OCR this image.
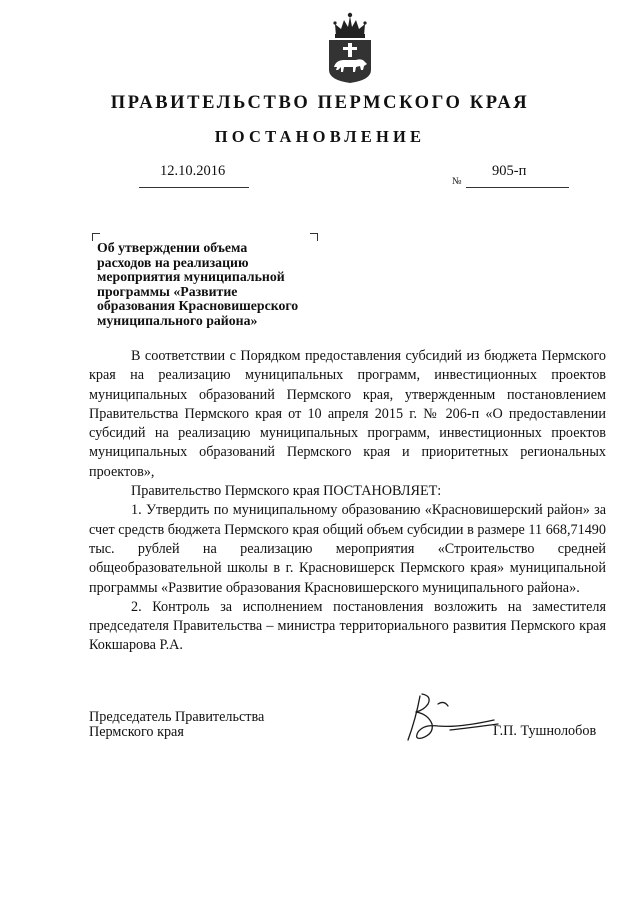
ПРАВИТЕЛЬСТВО ПЕРМСКОГО КРАЯ
ПОСТАНОВЛЕНИЕ
12.10.2016
№
905-п
Об утверждении объема
расходов на реализацию
мероприятия муниципальной
программы «Развитие
образования Красновишерского
муниципального района»

В соответствии с Порядком предоставления субсидий из бюджета Пермского края на реализацию муниципальных программ, инвестиционных проектов муниципальных образований Пермского края, утвержденным постановлением Правительства Пермского края от 10 апреля 2015 г. № 206-п «О предоставлении субсидий на реализацию муниципальных программ, инвестиционных проектов муниципальных образований Пермского края и приоритетных региональных проектов»,

Правительство Пермского края ПОСТАНОВЛЯЕТ:

1. Утвердить по муниципальному образованию «Красновишерский район» за счет средств бюджета Пермского края общий объем субсидии в размере 11 668,71490 тыс. рублей на реализацию мероприятия «Строительство средней общеобразовательной школы в г. Красновишерск Пермского края» муниципальной программы «Развитие образования Красновишерского муниципального района».

2. Контроль за исполнением постановления возложить на заместителя председателя Правительства – министра территориального развития Пермского края Кокшарова Р.А.

Председатель Правительства
Пермского края	Г.П. Тушнолобов
